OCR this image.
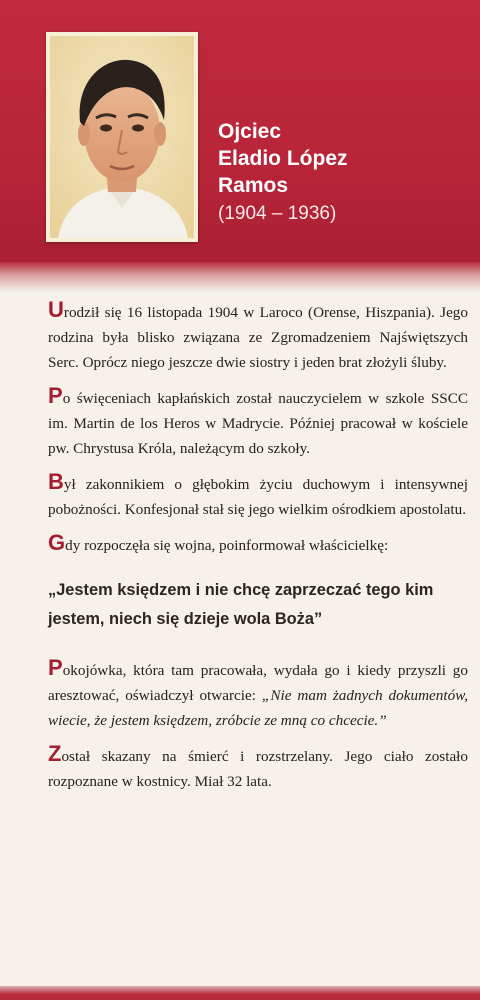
Ojciec
Eladio López
Ramos
(1904 – 1936)

Urodził się 16 listopada 1904 w Laroco (Orense, Hiszpania). Jego rodzina była blisko związana ze Zgromadzeniem Najświętszych Serc. Oprócz niego jeszcze dwie siostry i jeden brat złożyli śluby.

Po święceniach kapłańskich został nauczycielem w szkole SSCC im. Martin de los Heros w Madrycie. Później pracował w kościele pw. Chrystusa Króla, należącym do szkoły.

Był zakonnikiem o głębokim życiu duchowym i intensywnej pobożności. Konfesjonał stał się jego wielkim ośrodkiem apostolatu.

Gdy rozpoczęła się wojna, poinformował właścicielkę:

„Jestem księdzem i nie chcę zaprzeczać tego kim jestem, niech się dzieje wola Boża”

Pokojówka, która tam pracowała, wydała go i kiedy przyszli go aresztować, oświadczył otwarcie: „Nie mam żadnych dokumentów, wiecie, że jestem księdzem, zróbcie ze mną co chcecie.”

Został skazany na śmierć i rozstrzelany. Jego ciało zostało rozpoznane w kostnicy. Miał 32 lata.
